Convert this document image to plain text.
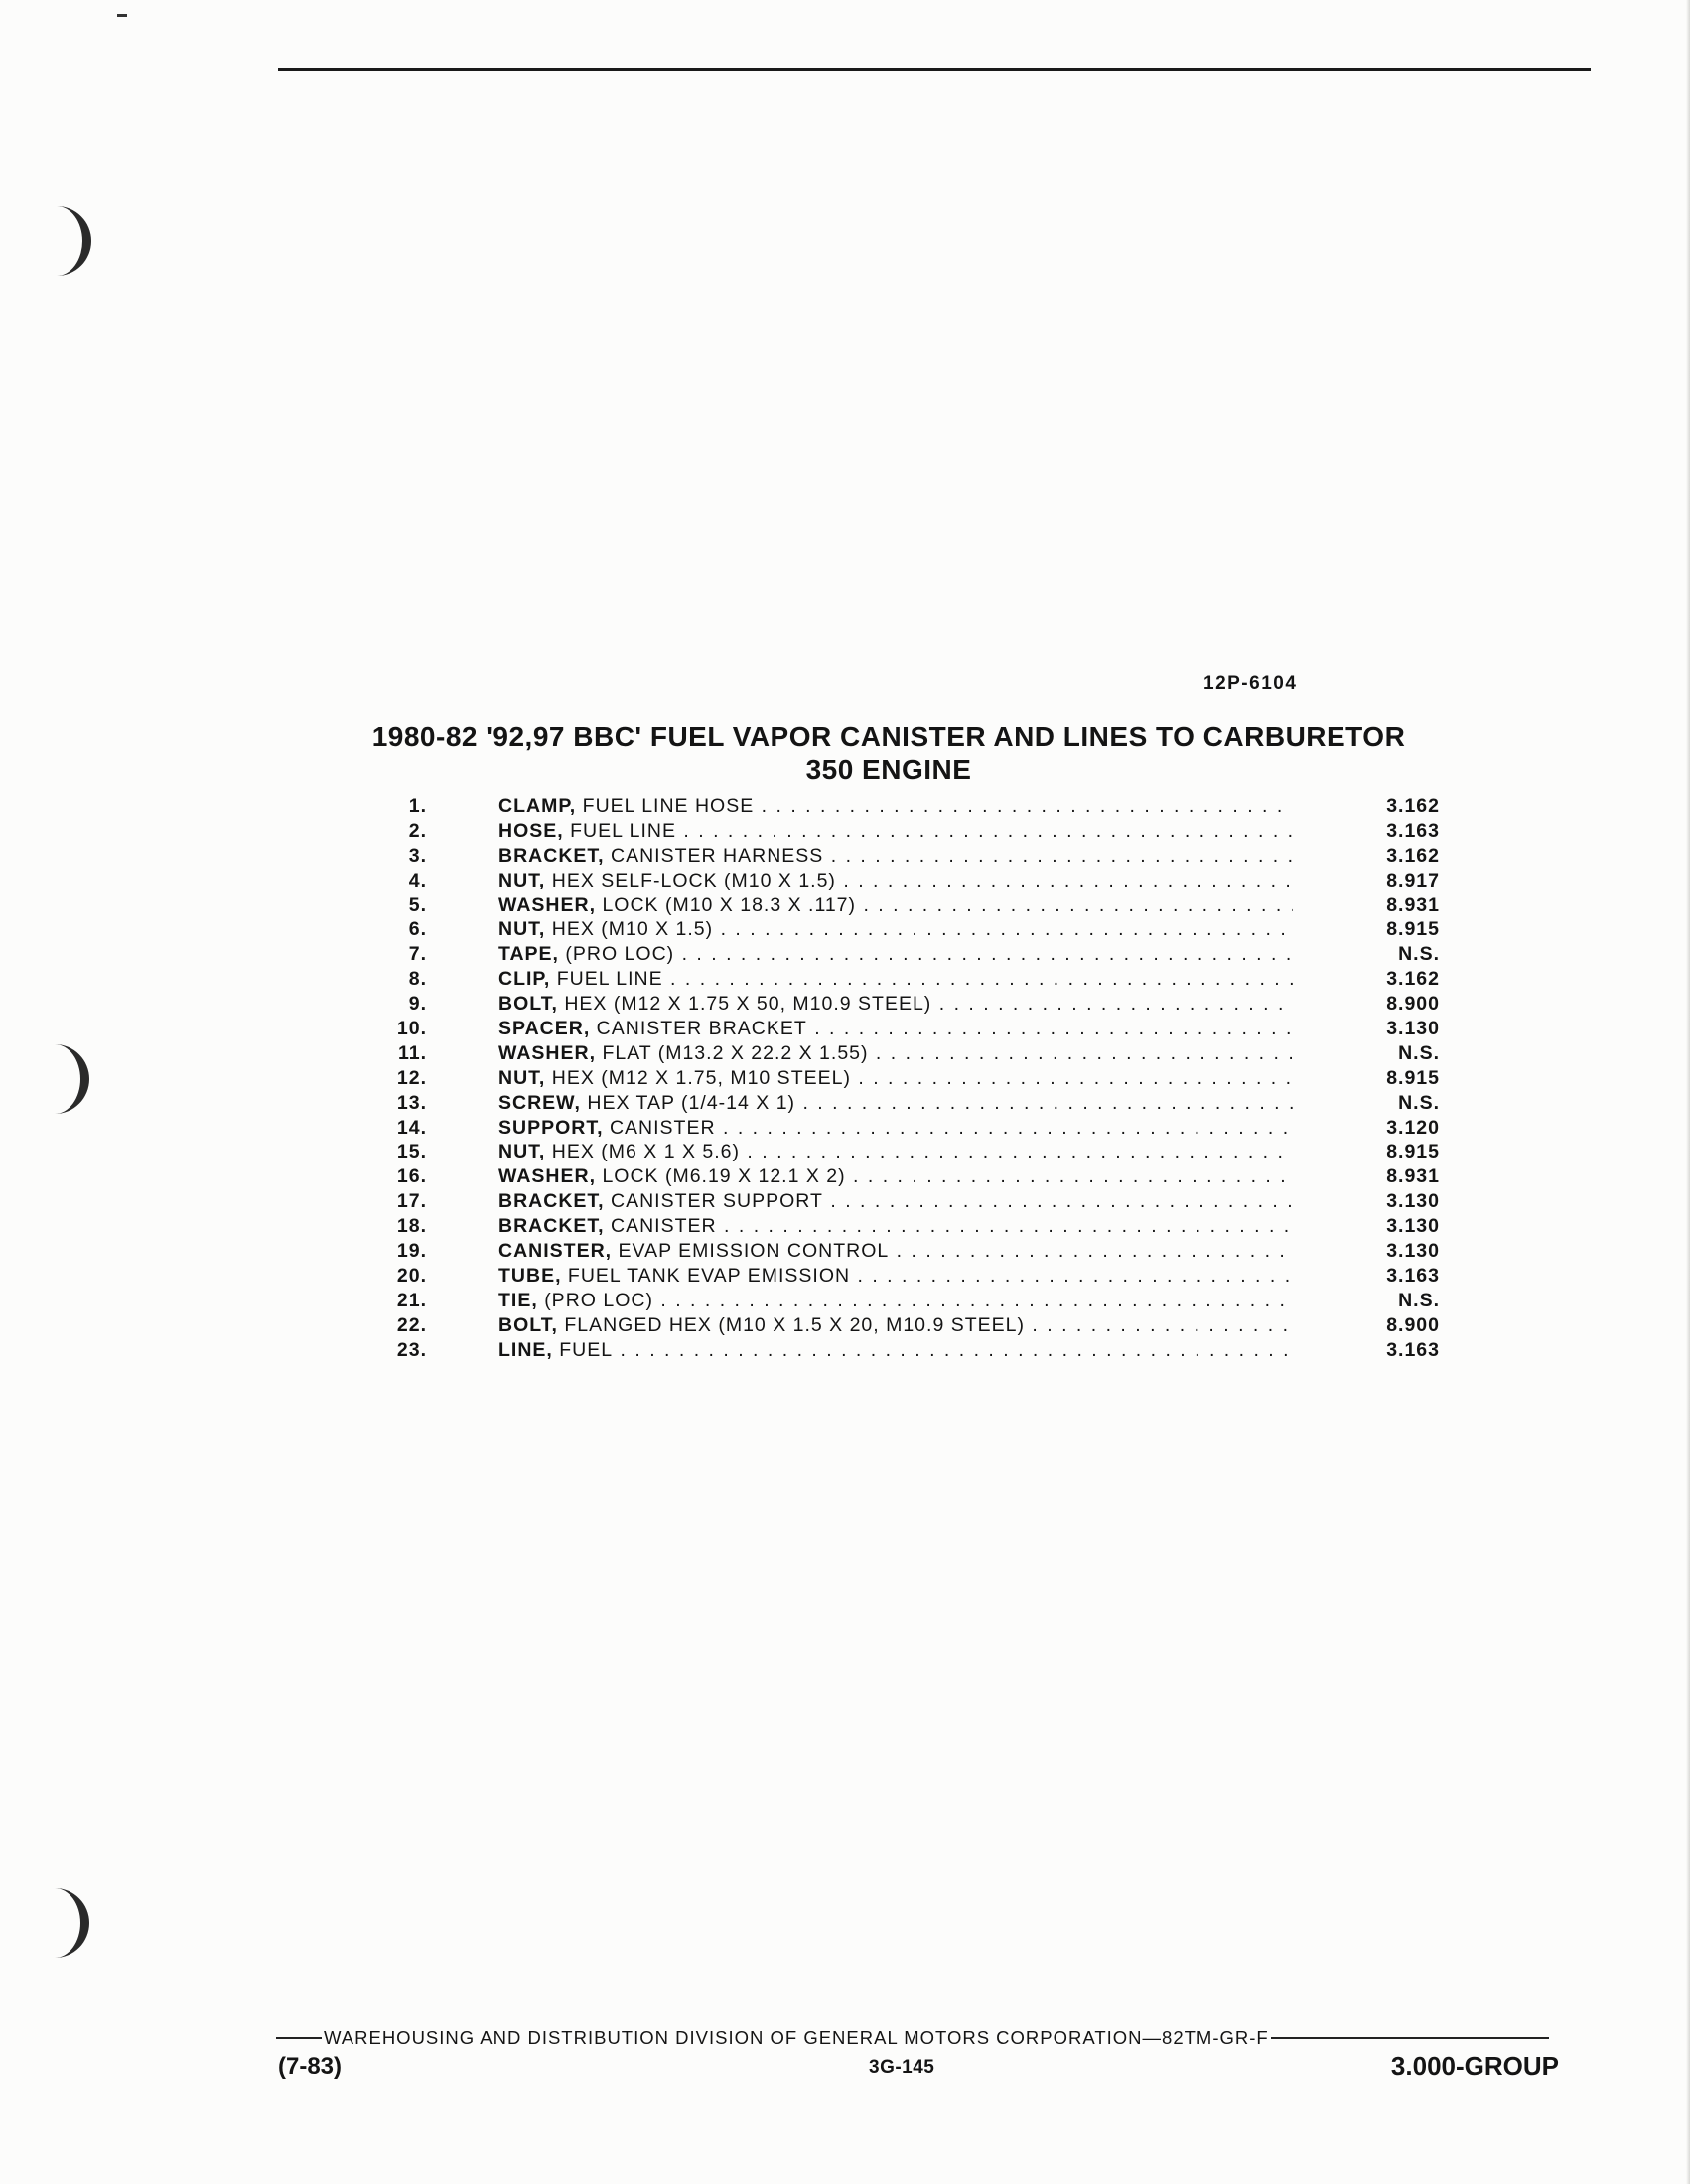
12P-6104
1980-82 '92,97 BBC' FUEL VAPOR CANISTER AND LINES TO CARBURETOR
350 ENGINE
1.	CLAMP, FUEL LINE HOSE . . .	3.162
2.	HOSE, FUEL LINE . . .	3.163
3.	BRACKET, CANISTER HARNESS . . .	3.162
4.	NUT, HEX SELF-LOCK (M10 X 1.5) . . .	8.917
5.	WASHER, LOCK (M10 X 18.3 X .117) . . .	8.931
6.	NUT, HEX (M10 X 1.5) . . .	8.915
7.	TAPE, (PRO LOC) . . .	N.S.
8.	CLIP, FUEL LINE . . .	3.162
9.	BOLT, HEX (M12 X 1.75 X 50, M10.9 STEEL) . . .	8.900
10.	SPACER, CANISTER BRACKET . . .	3.130
11.	WASHER, FLAT (M13.2 X 22.2 X 1.55) . . .	N.S.
12.	NUT, HEX (M12 X 1.75, M10 STEEL) . . .	8.915
13.	SCREW, HEX TAP (1/4-14 X 1) . . .	N.S.
14.	SUPPORT, CANISTER . . .	3.120
15.	NUT, HEX (M6 X 1 X 5.6) . . .	8.915
16.	WASHER, LOCK (M6.19 X 12.1 X 2) . . .	8.931
17.	BRACKET, CANISTER SUPPORT . . .	3.130
18.	BRACKET, CANISTER . . .	3.130
19.	CANISTER, EVAP EMISSION CONTROL . . .	3.130
20.	TUBE, FUEL TANK EVAP EMISSION . . .	3.163
21.	TIE, (PRO LOC) . . .	N.S.
22.	BOLT, FLANGED HEX (M10 X 1.5 X 20, M10.9 STEEL) . . .	8.900
23.	LINE, FUEL . . .	3.163
WAREHOUSING AND DISTRIBUTION DIVISION OF GENERAL MOTORS CORPORATION—82TM-GR-F
(7-83)	3G-145	3.000-GROUP
